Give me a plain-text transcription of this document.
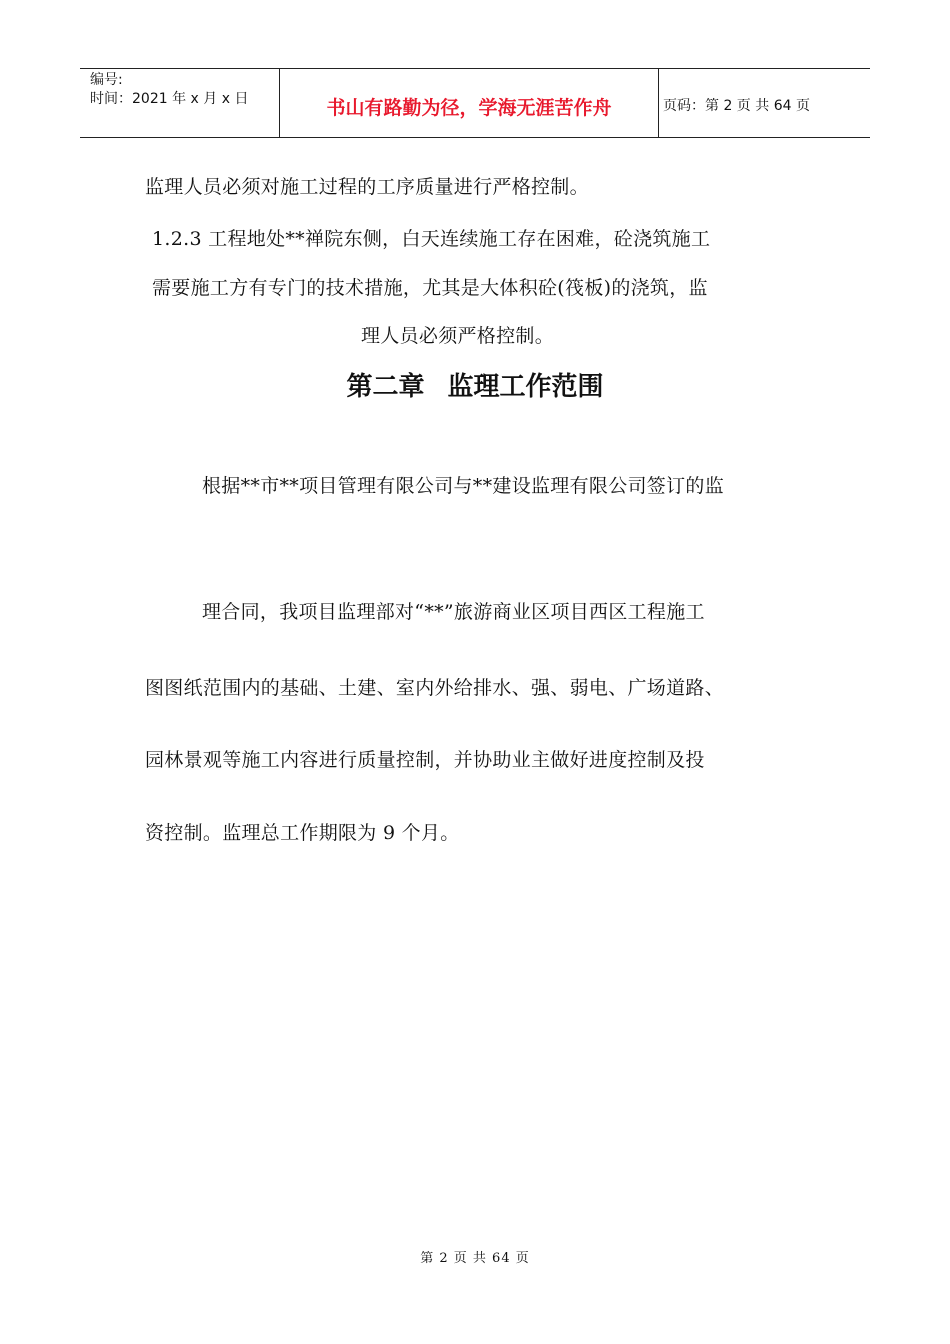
编号:
时间：2021 年 x 月 x 日	书山有路勤为径，学海无涯苦作舟	页码：第 2 页 共 64 页
监理人员必须对施工过程的工序质量进行严格控制。
1.2.3 工程地处**禅院东侧，白天连续施工存在困难，砼浇筑施工
需要施工方有专门的技术措施，尤其是大体积砼(筏板)的浇筑，监
理人员必须严格控制。
第二章 监理工作范围
根据**市**项目管理有限公司与**建设监理有限公司签订的监
理合同，我项目监理部对“**”旅游商业区项目西区工程施工
图图纸范围内的基础、土建、室内外给排水、强、弱电、广场道路、
园林景观等施工内容进行质量控制，并协助业主做好进度控制及投
资控制。监理总工作期限为 9 个月。
第 2 页 共 64 页
